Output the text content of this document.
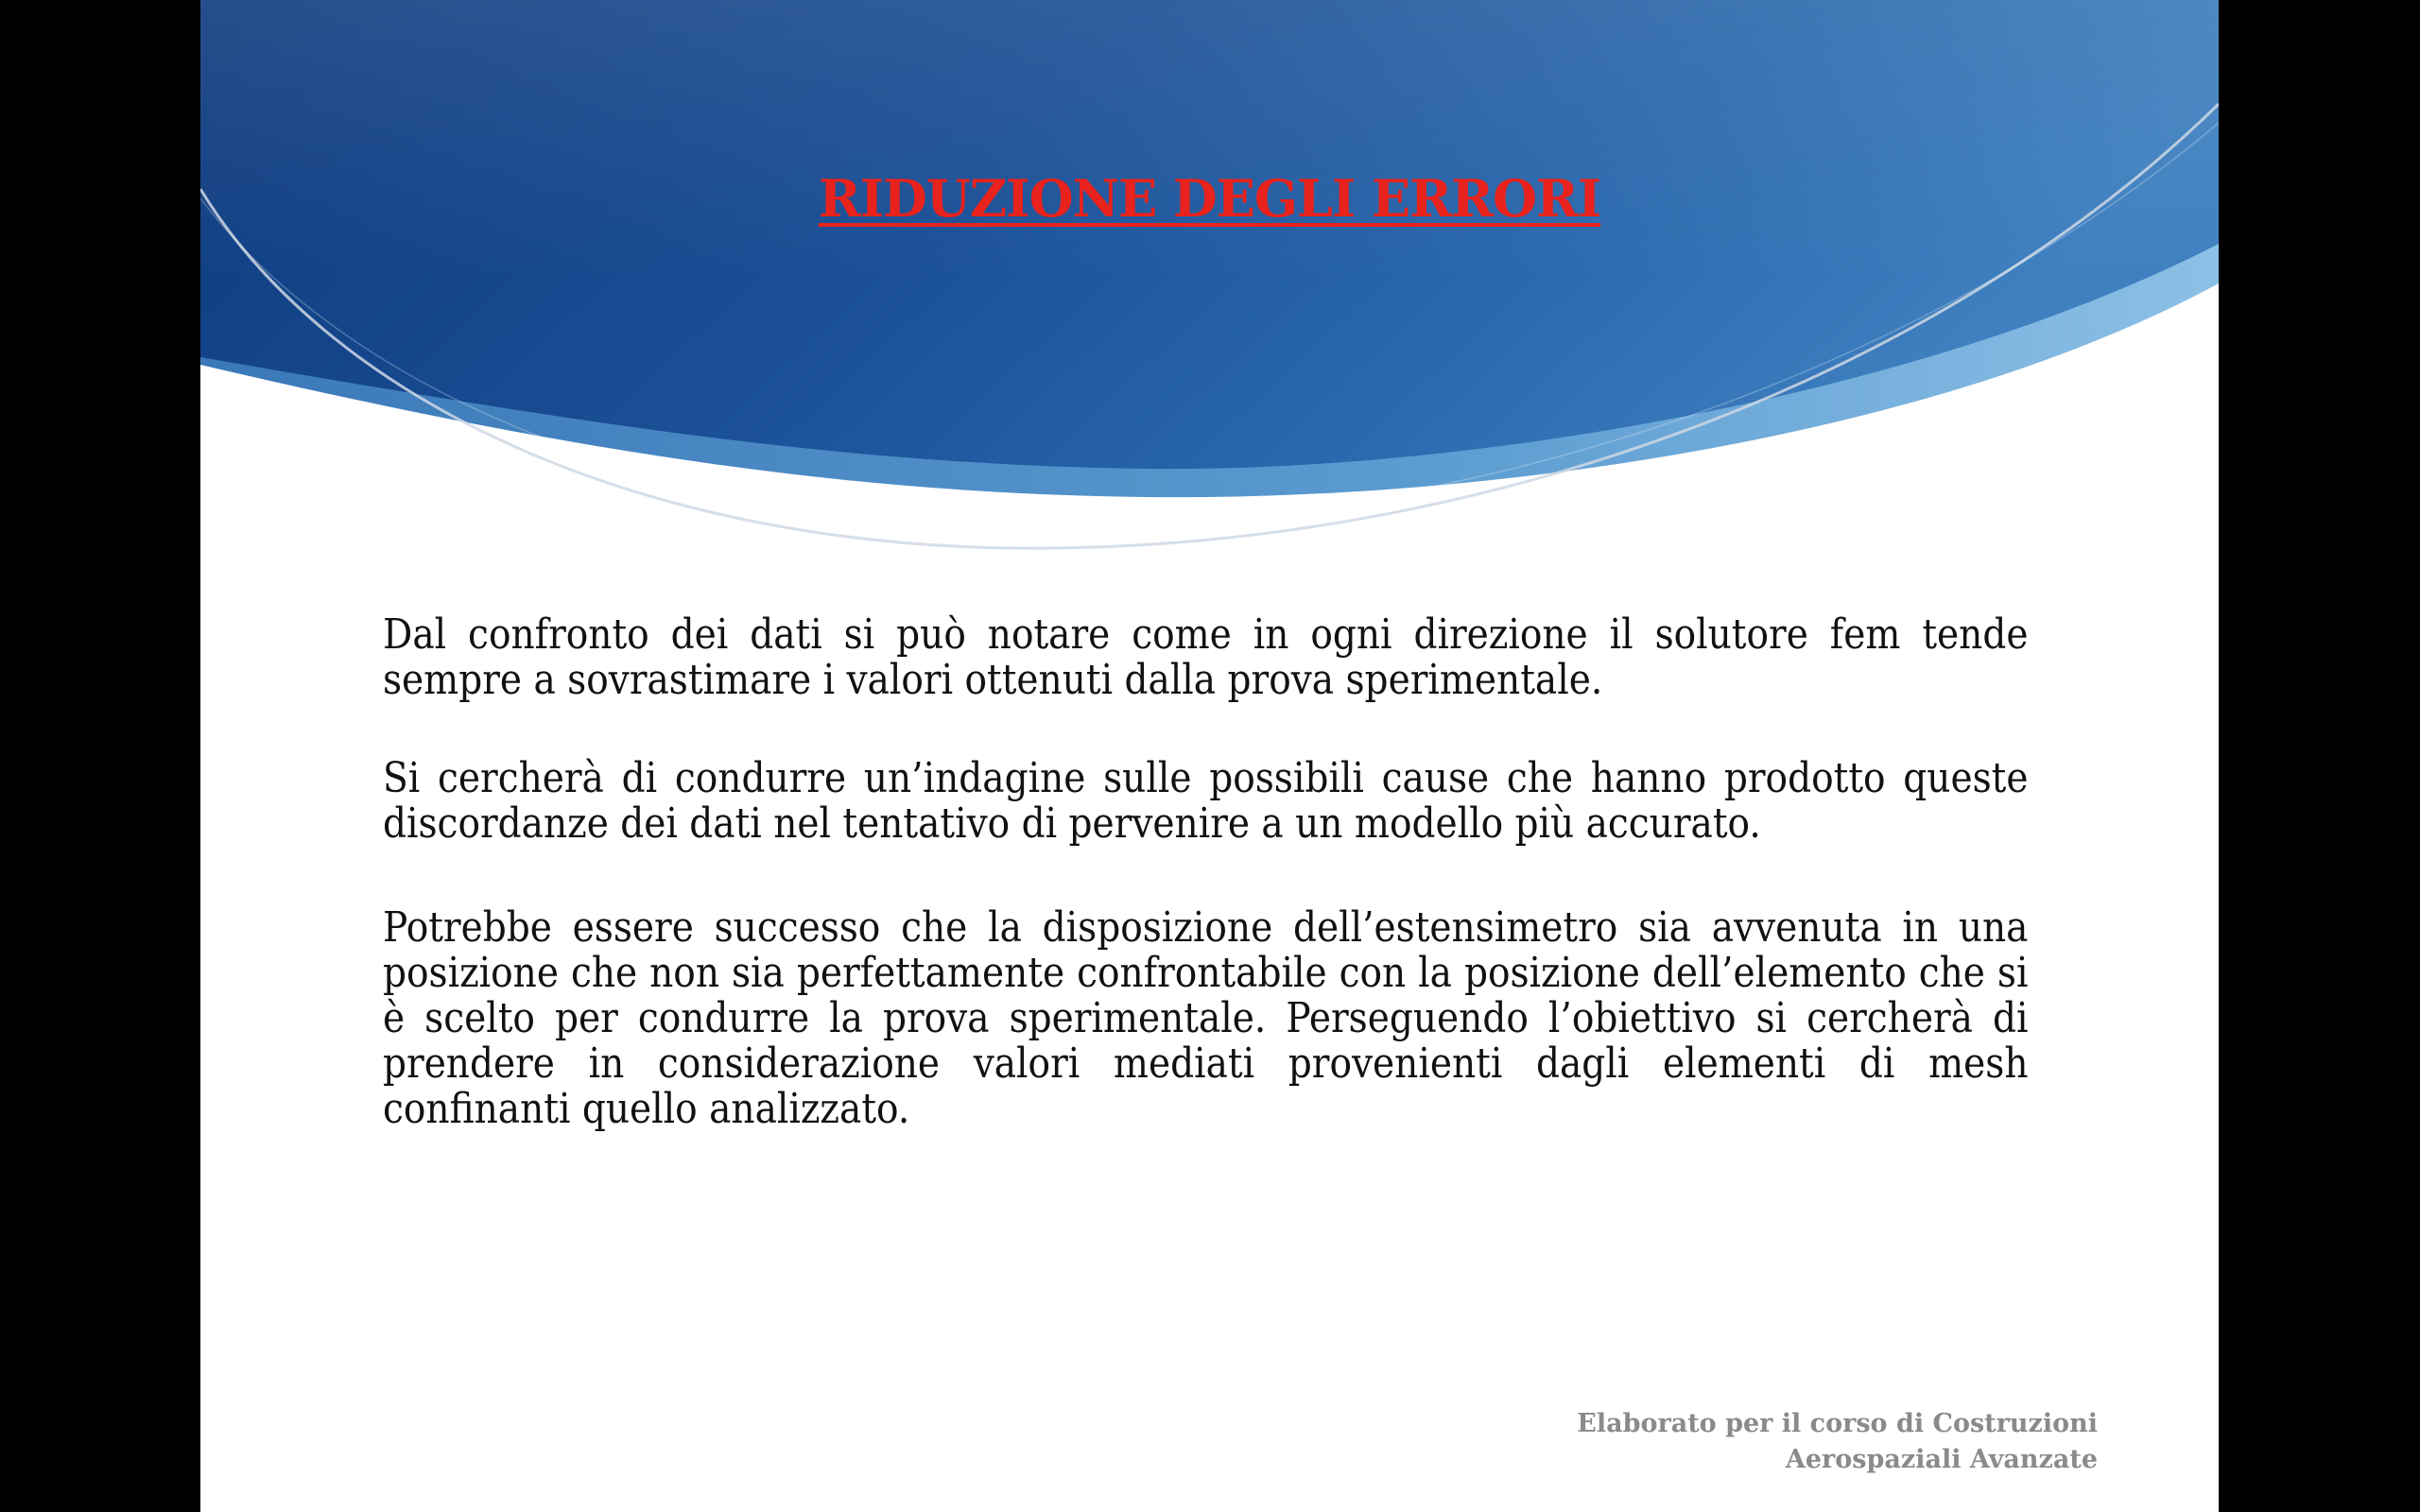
RIDUZIONE DEGLI ERRORI

Dal confronto dei dati si può notare come in ogni direzione il solutore fem tende sempre a sovrastimare i valori ottenuti dalla prova sperimentale.

Si cercherà di condurre un’indagine sulle possibili cause che hanno prodotto queste discordanze dei dati nel tentativo di pervenire a un modello più accurato.

Potrebbe essere successo che la disposizione dell’estensimetro sia avvenuta in una posizione che non sia perfettamente confrontabile con la posizione dell’elemento che si è scelto per condurre la prova sperimentale. Perseguendo l’obiettivo si cercherà di prendere in considerazione valori mediati provenienti dagli elementi di mesh confinanti quello analizzato.

Elaborato per il corso di Costruzioni
Aerospaziali Avanzate
